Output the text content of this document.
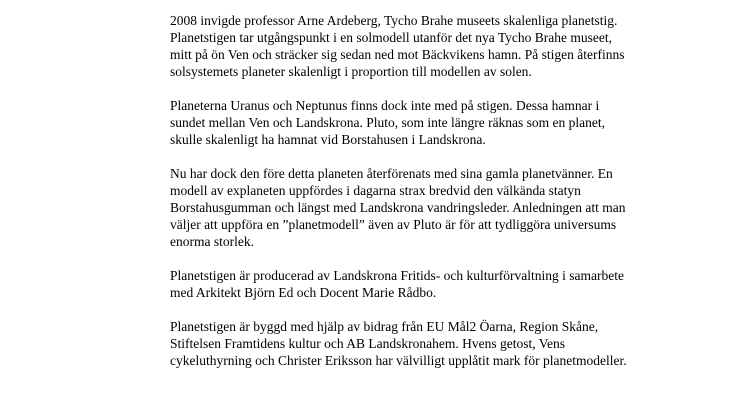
2008 invigde professor Arne Ardeberg, Tycho Brahe museets skalenliga planetstig. Planetstigen tar utgångspunkt i en solmodell utanför det nya Tycho Brahe museet, mitt på ön Ven och sträcker sig sedan ned mot Bäckvikens hamn. På stigen återfinns solsystemets planeter skalenligt i proportion till modellen av solen.

Planeterna Uranus och Neptunus finns dock inte med på stigen. Dessa hamnar i sundet mellan Ven och Landskrona. Pluto, som inte längre räknas som en planet, skulle skalenligt ha hamnat vid Borstahusen i Landskrona.

Nu har dock den före detta planeten återförenats med sina gamla planetvänner. En modell av explaneten uppfördes i dagarna strax bredvid den välkända statyn Borstahusgumman och längst med Landskrona vandringsleder. Anledningen att man väljer att uppföra en ”planetmodell” även av Pluto är för att tydliggöra universums enorma storlek.

Planetstigen är producerad av Landskrona Fritids- och kulturförvaltning i samarbete med Arkitekt Björn Ed och Docent Marie Rådbo.

Planetstigen är byggd med hjälp av bidrag från EU Mål2 Öarna, Region Skåne, Stiftelsen Framtidens kultur och AB Landskronahem. Hvens getost, Vens cykeluthyrning och Christer Eriksson har välvilligt upplåtit mark för planetmodeller.
